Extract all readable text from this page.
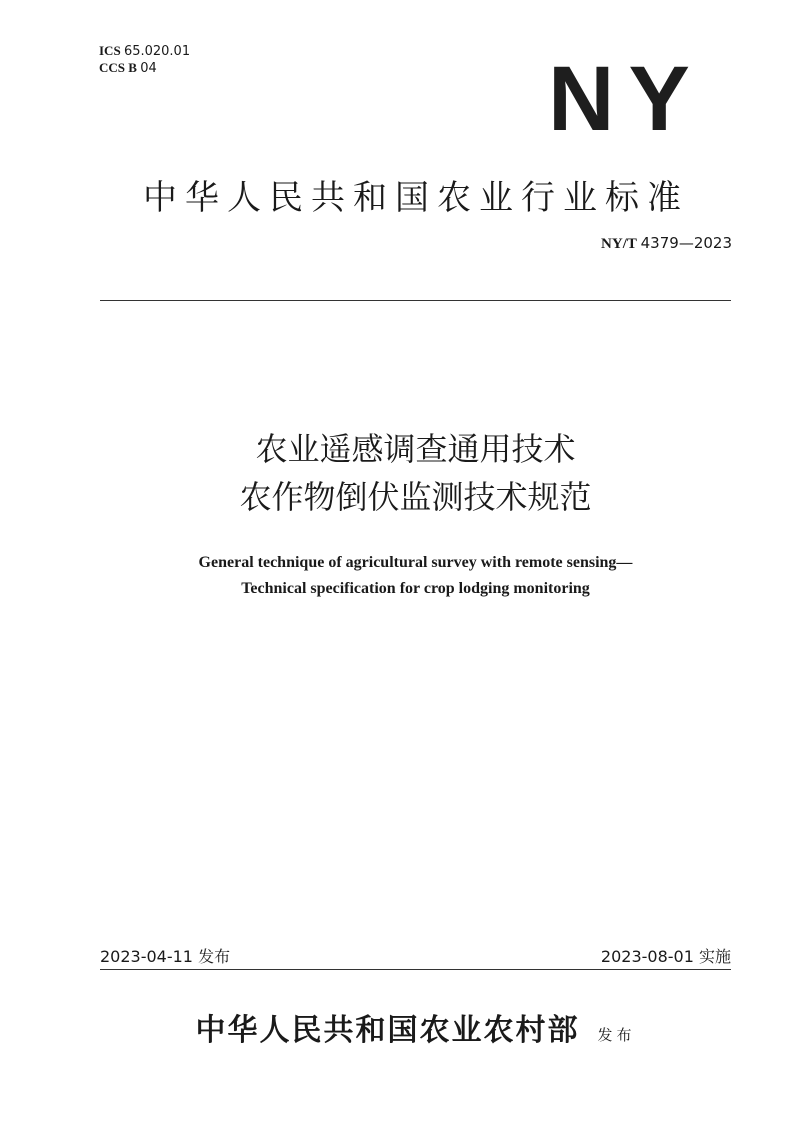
ICS 65.020.01
CCS B 04	NY
中华人民共和国农业行业标准
NY/T 4379—2023
农业遥感调查通用技术
农作物倒伏监测技术规范
General technique of agricultural survey with remote sensing—
Technical specification for crop lodging monitoring
2023-04-11 发布	2023-08-01 实施
中华人民共和国农业农村部 发布
